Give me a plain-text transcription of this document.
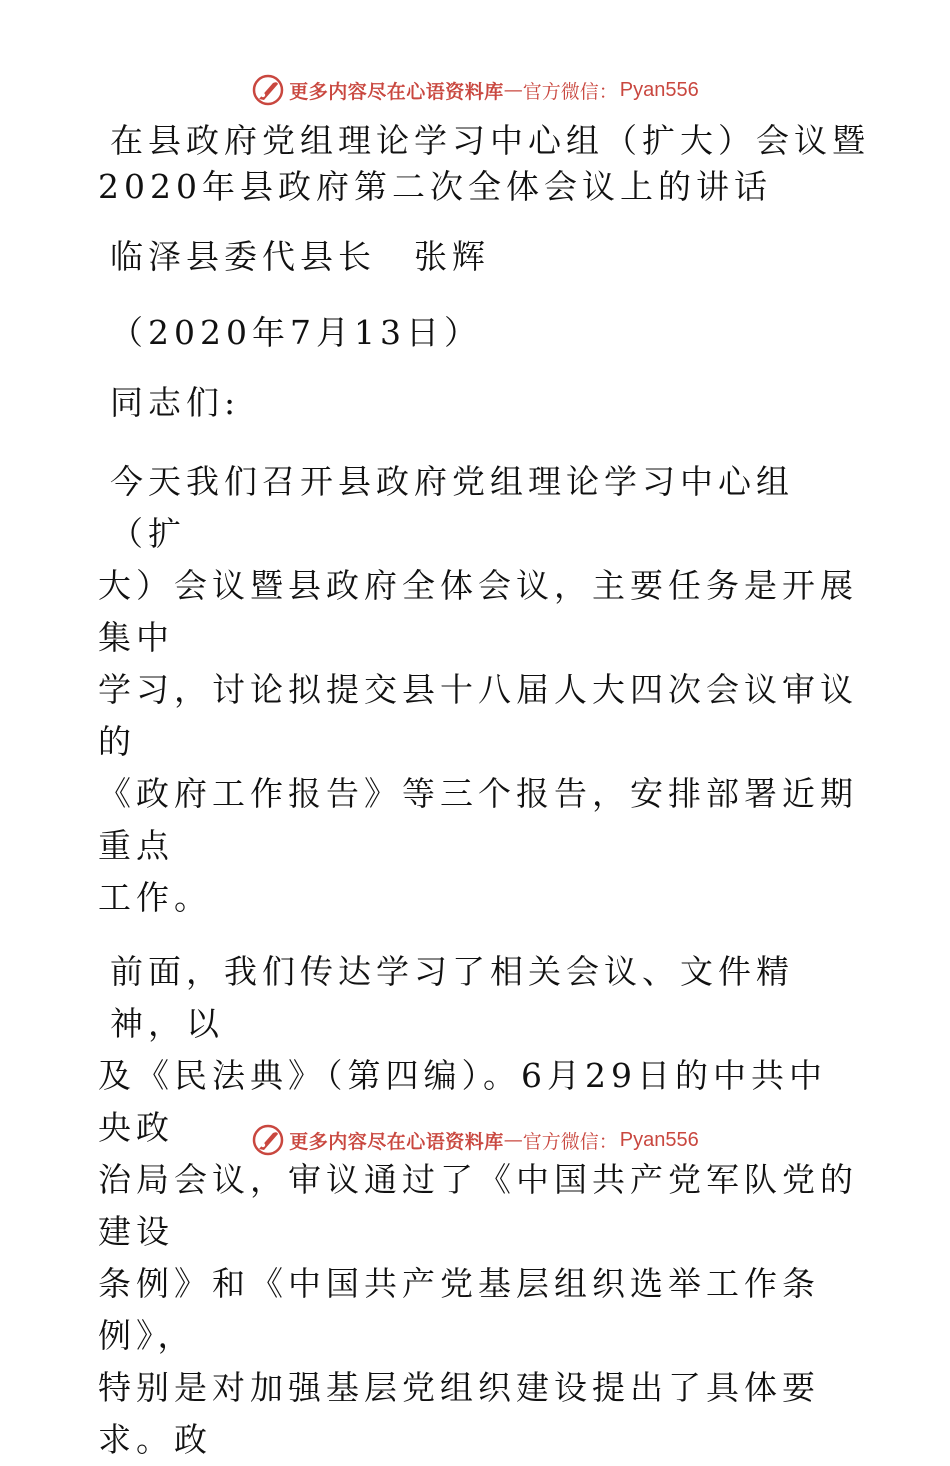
更多内容尽在心语资料库 — 官方微信： Pyan556

在县政府党组理论学习中心组（扩大）会议暨

2020年县政府第二次全体会议上的讲话

临泽县委代县长　张辉

（2020年7月13日）

同志们:

今天我们召开县政府党组理论学习中心组（扩

大）会议暨县政府全体会议，主要任务是开展集中

学习，讨论拟提交县十八届人大四次会议审议的

《政府工作报告》等三个报告，安排部署近期重点

工作。

前面，我们传达学习了相关会议、文件精神，以

及《民法典》（第四编）。6月29日的中共中央政

治局会议，审议通过了《中国共产党军队党的建设

条例》和《中国共产党基层组织选举工作条例》，

特别是对加强基层党组织建设提出了具体要求。政

更多内容尽在心语资料库 — 官方微信： Pyan556
